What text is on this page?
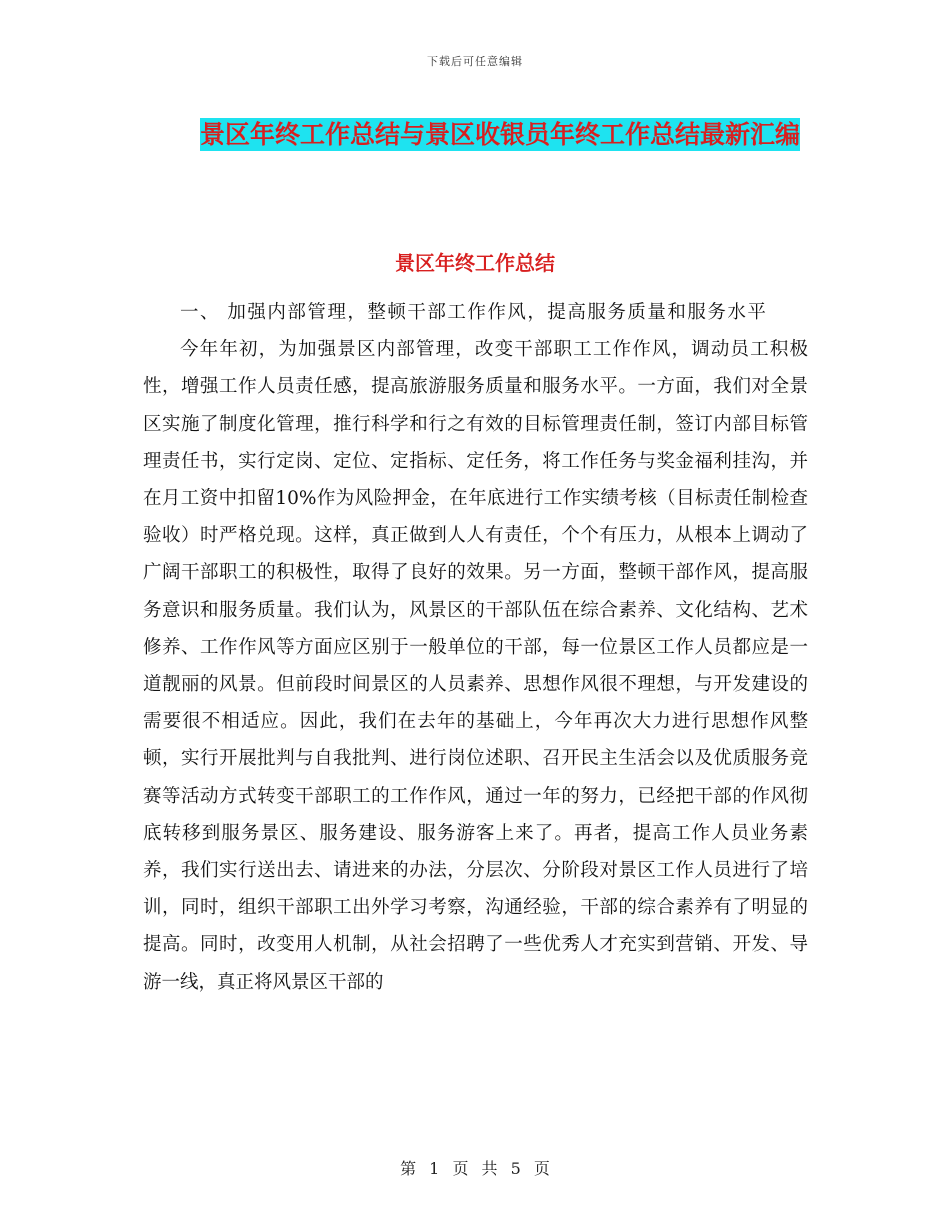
下载后可任意编辑
景区年终工作总结与景区收银员年终工作总结最新汇编
景区年终工作总结

一、 加强内部管理，整顿干部工作作风，提高服务质量和服务水平

今年年初，为加强景区内部管理，改变干部职工工作作风，调动员工积极性，增强工作人员责任感，提高旅游服务质量和服务水平。一方面，我们对全景区实施了制度化管理，推行科学和行之有效的目标管理责任制，签订内部目标管理责任书，实行定岗、定位、定指标、定任务，将工作任务与奖金福利挂沟，并在月工资中扣留10%作为风险押金，在年底进行工作实绩考核（目标责任制检查验收）时严格兑现。这样，真正做到人人有责任，个个有压力，从根本上调动了广阔干部职工的积极性，取得了良好的效果。另一方面，整顿干部作风，提高服务意识和服务质量。我们认为，风景区的干部队伍在综合素养、文化结构、艺术修养、工作作风等方面应区别于一般单位的干部，每一位景区工作人员都应是一道靓丽的风景。但前段时间景区的人员素养、思想作风很不理想，与开发建设的需要很不相适应。因此，我们在去年的基础上，今年再次大力进行思想作风整顿，实行开展批判与自我批判、进行岗位述职、召开民主生活会以及优质服务竞赛等活动方式转变干部职工的工作作风，通过一年的努力，已经把干部的作风彻底转移到服务景区、服务建设、服务游客上来了。再者，提高工作人员业务素养，我们实行送出去、请进来的办法，分层次、分阶段对景区工作人员进行了培训，同时，组织干部职工出外学习考察，沟通经验，干部的综合素养有了明显的提高。同时，改变用人机制，从社会招聘了一些优秀人才充实到营销、开发、导游一线，真正将风景区干部的

第 1 页 共 5 页
